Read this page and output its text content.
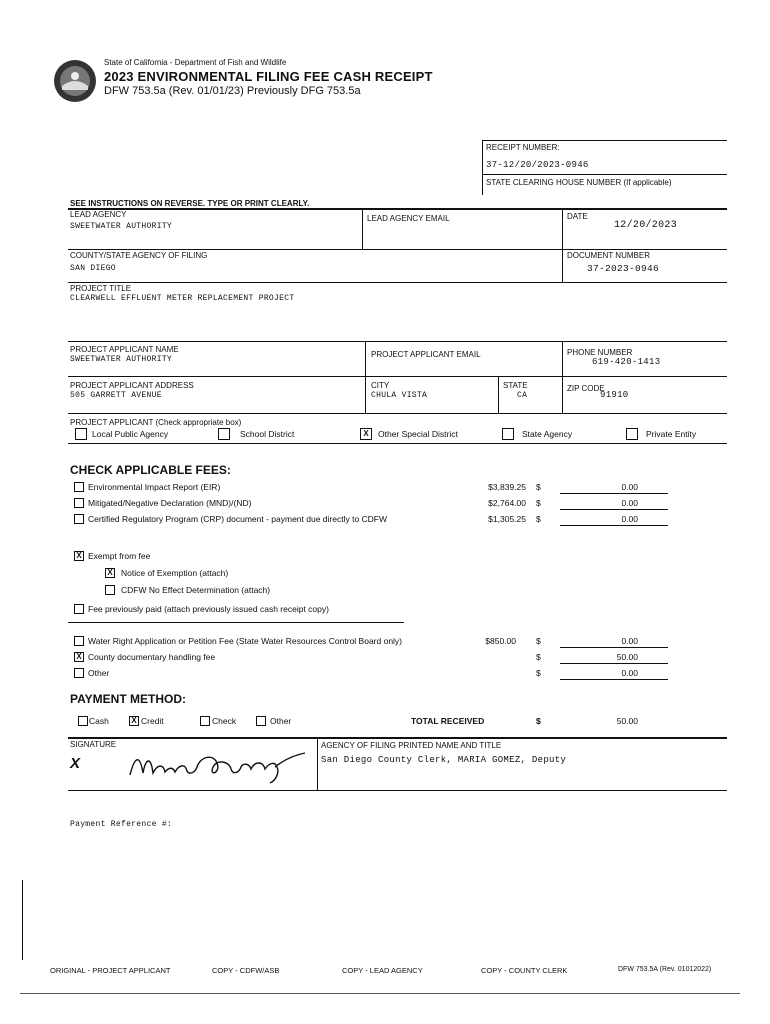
State of California - Department of Fish and Wildlife
2023 ENVIRONMENTAL FILING FEE CASH RECEIPT
DFW 753.5a (Rev. 01/01/23) Previously DFG 753.5a
RECEIPT NUMBER:
37-12/20/2023-0946
STATE CLEARING HOUSE NUMBER (If applicable)
SEE INSTRUCTIONS ON REVERSE. TYPE OR PRINT CLEARLY.
LEAD AGENCY
SWEETWATER AUTHORITY
LEAD AGENCY EMAIL	DATE
12/20/2023
COUNTY/STATE AGENCY OF FILING
SAN DIEGO
DOCUMENT NUMBER
37-2023-0946
PROJECT TITLE
CLEARWELL EFFLUENT METER REPLACEMENT PROJECT
PROJECT APPLICANT NAME
SWEETWATER AUTHORITY
PROJECT APPLICANT EMAIL	PHONE NUMBER
619-420-1413
PROJECT APPLICANT ADDRESS
505 GARRETT AVENUE
CITY
CHULA VISTA
STATE
CA
ZIP CODE
91910
PROJECT APPLICANT (Check appropriate box)
Local Public Agency	School District	X	Other Special District	State Agency	Private Entity
CHECK APPLICABLE FEES:
Environmental Impact Report (EIR)	$3,839.25 $	0.00
Mitigated/Negative Declaration (MND)/(ND)	$2,764.00 $	0.00
Certified Regulatory Program (CRP) document - payment due directly to CDFW	$1,305.25 $	0.00
X Exempt from fee
X Notice of Exemption (attach)
CDFW No Effect Determination (attach)
Fee previously paid (attach previously issued cash receipt copy)
Water Right Application or Petition Fee (State Water Resources Control Board only)	$850.00 $	0.00
X County documentary handling fee	$	50.00
Other	$	0.00
PAYMENT METHOD:
Cash	X Credit	Check	Other	TOTAL RECEIVED	$	50.00
SIGNATURE
X
AGENCY OF FILING PRINTED NAME AND TITLE
San Diego County Clerk, MARIA GOMEZ, Deputy
Payment Reference #:
ORIGINAL - PROJECT APPLICANT	COPY - CDFW/ASB	COPY - LEAD AGENCY	COPY - COUNTY CLERK	DFW 753.5A (Rev. 01012022)
